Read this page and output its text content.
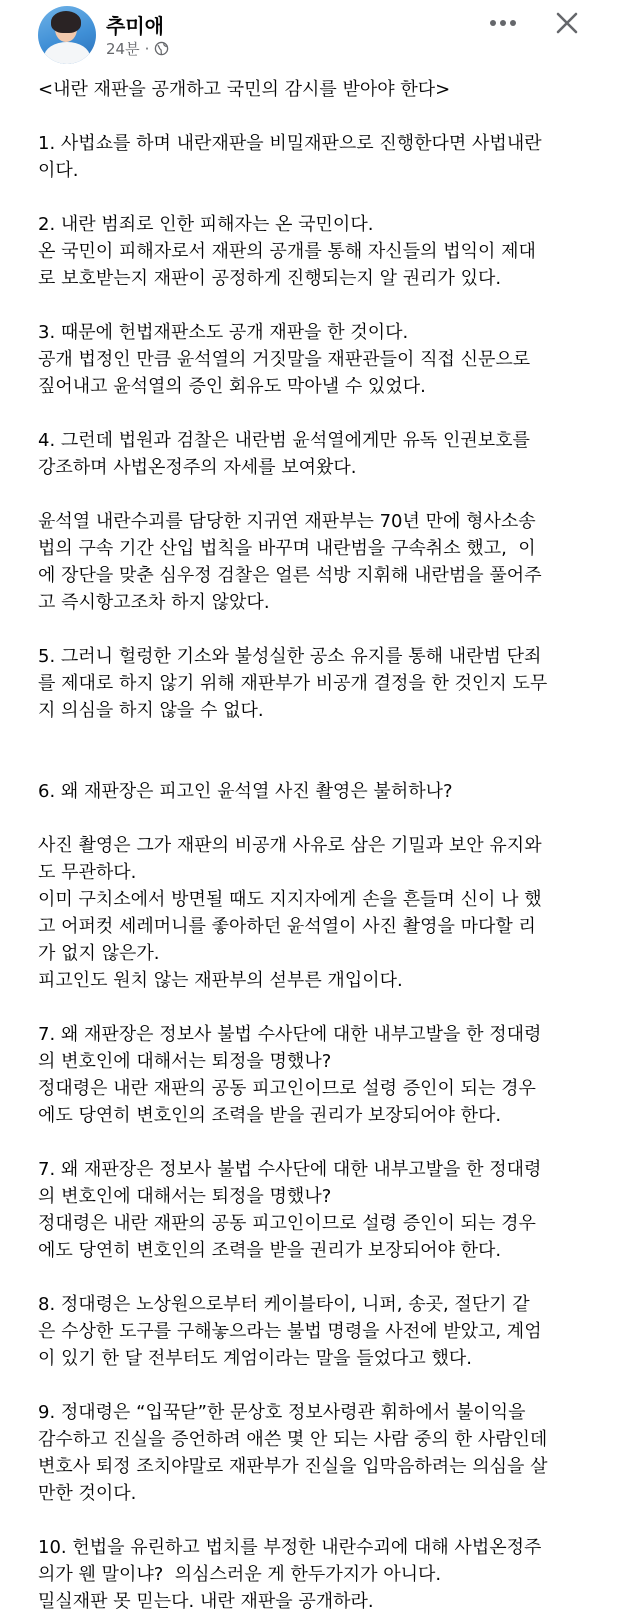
추미애
24분 ·

<내란 재판을 공개하고 국민의 감시를 받아야 한다>

1. 사법쇼를 하며 내란재판을 비밀재판으로 진행한다면 사법내란

이다.

2. 내란 범죄로 인한 피해자는 온 국민이다.

온 국민이 피해자로서 재판의 공개를 통해 자신들의 법익이 제대

로 보호받는지 재판이 공정하게 진행되는지 알 권리가 있다.

3. 때문에 헌법재판소도 공개 재판을 한 것이다.

공개 법정인 만큼 윤석열의 거짓말을 재판관들이 직접 신문으로

짚어내고 윤석열의 증인 회유도 막아낼 수 있었다.

4. 그런데 법원과 검찰은 내란범 윤석열에게만 유독 인권보호를

강조하며 사법온정주의 자세를 보여왔다.

윤석열 내란수괴를 담당한 지귀연 재판부는 70년 만에 형사소송

법의 구속 기간 산입 법칙을 바꾸며 내란범을 구속취소 했고,  이

에 장단을 맞춘 심우정 검찰은 얼른 석방 지휘해 내란범을 풀어주

고 즉시항고조차 하지 않았다.

5. 그러니 헐렁한 기소와 불성실한 공소 유지를 통해 내란범 단죄

를 제대로 하지 않기 위해 재판부가 비공개 결정을 한 것인지 도무

지 의심을 하지 않을 수 없다.

6. 왜 재판장은 피고인 윤석열 사진 촬영은 불허하나?

사진 촬영은 그가 재판의 비공개 사유로 삼은 기밀과 보안 유지와

도 무관하다.

이미 구치소에서 방면될 때도 지지자에게 손을 흔들며 신이 나 했

고 어퍼컷 세레머니를 좋아하던 윤석열이 사진 촬영을 마다할 리

가 없지 않은가.

피고인도 원치 않는 재판부의 섣부른 개입이다.

7. 왜 재판장은 정보사 불법 수사단에 대한 내부고발을 한 정대령

의 변호인에 대해서는 퇴정을 명했나?

정대령은 내란 재판의 공동 피고인이므로 설령 증인이 되는 경우

에도 당연히 변호인의 조력을 받을 권리가 보장되어야 한다.

7. 왜 재판장은 정보사 불법 수사단에 대한 내부고발을 한 정대령

의 변호인에 대해서는 퇴정을 명했나?

정대령은 내란 재판의 공동 피고인이므로 설령 증인이 되는 경우

에도 당연히 변호인의 조력을 받을 권리가 보장되어야 한다.

8. 정대령은 노상원으로부터 케이블타이, 니퍼, 송곳, 절단기 같

은 수상한 도구를 구해놓으라는 불법 명령을 사전에 받았고, 계엄

이 있기 한 달 전부터도 계엄이라는 말을 들었다고 했다.

9. 정대령은 “입꾹닫”한 문상호 정보사령관 휘하에서 불이익을

감수하고 진실을 증언하려 애쓴 몇 안 되는 사람 중의 한 사람인데

변호사 퇴정 조치야말로 재판부가 진실을 입막음하려는 의심을 살

만한 것이다.

10. 헌법을 유린하고 법치를 부정한 내란수괴에 대해 사법온정주

의가 웬 말이냐?  의심스러운 게 한두가지가 아니다.

밀실재판 못 믿는다. 내란 재판을 공개하라.
